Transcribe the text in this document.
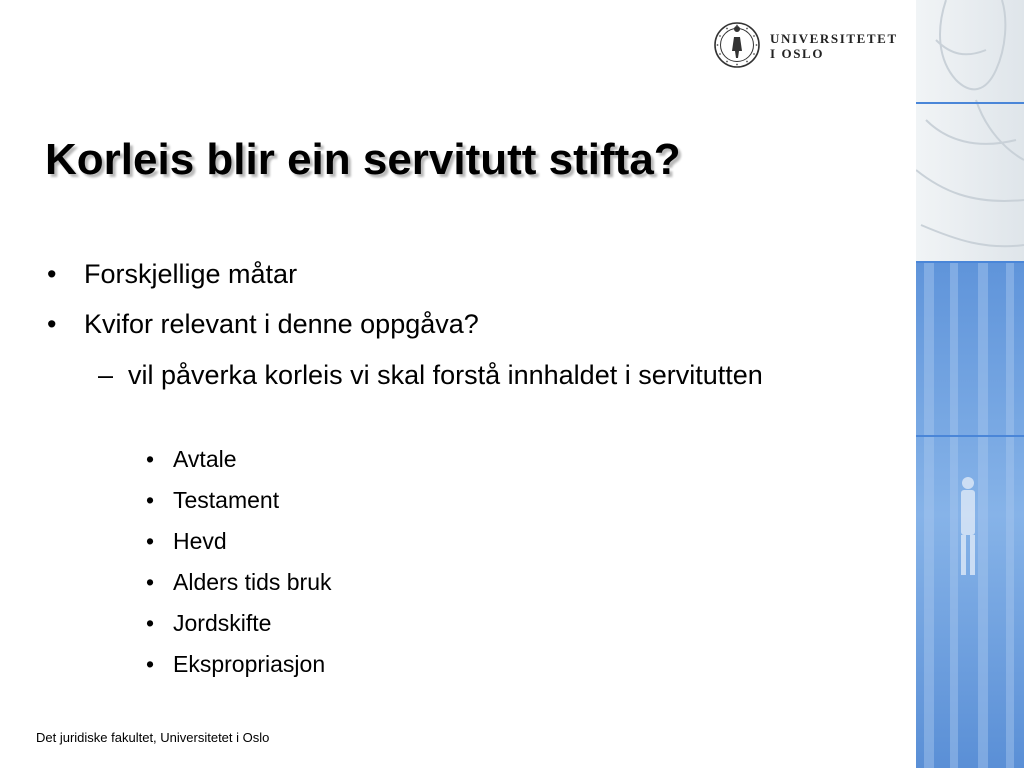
UNIVERSITETET
I OSLO
Korleis blir ein servitutt stifta?
• Forskjellige måtar
• Kvifor relevant i denne oppgåva?
– vil påverka korleis vi skal forstå innhaldet i servitutten
• Avtale
• Testament
• Hevd
• Alders tids bruk
• Jordskifte
• Ekspropriasjon
Det juridiske fakultet, Universitetet i Oslo
